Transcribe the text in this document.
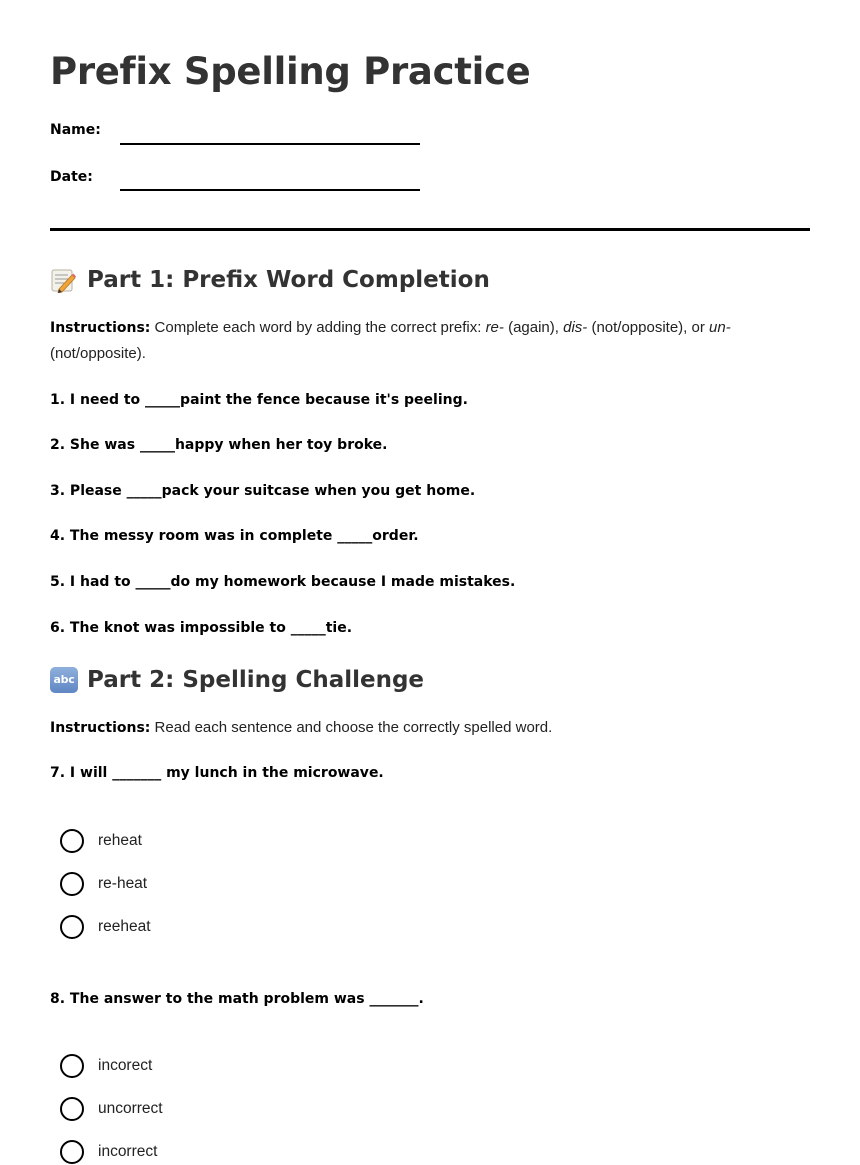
Prefix Spelling Practice
Name:
Date:
Part 1: Prefix Word Completion

Instructions: Complete each word by adding the correct prefix: re- (again), dis- (not/opposite), or un- (not/opposite).

1. I need to _____paint the fence because it's peeling.

2. She was _____happy when her toy broke.

3. Please _____pack your suitcase when you get home.

4. The messy room was in complete _____order.

5. I had to _____do my homework because I made mistakes.

6. The knot was impossible to _____tie.

abc Part 2: Spelling Challenge

Instructions: Read each sentence and choose the correctly spelled word.

7. I will _______ my lunch in the microwave.

reheat
re-heat
reeheat

8. The answer to the math problem was _______.

incorect
uncorrect
incorrect
